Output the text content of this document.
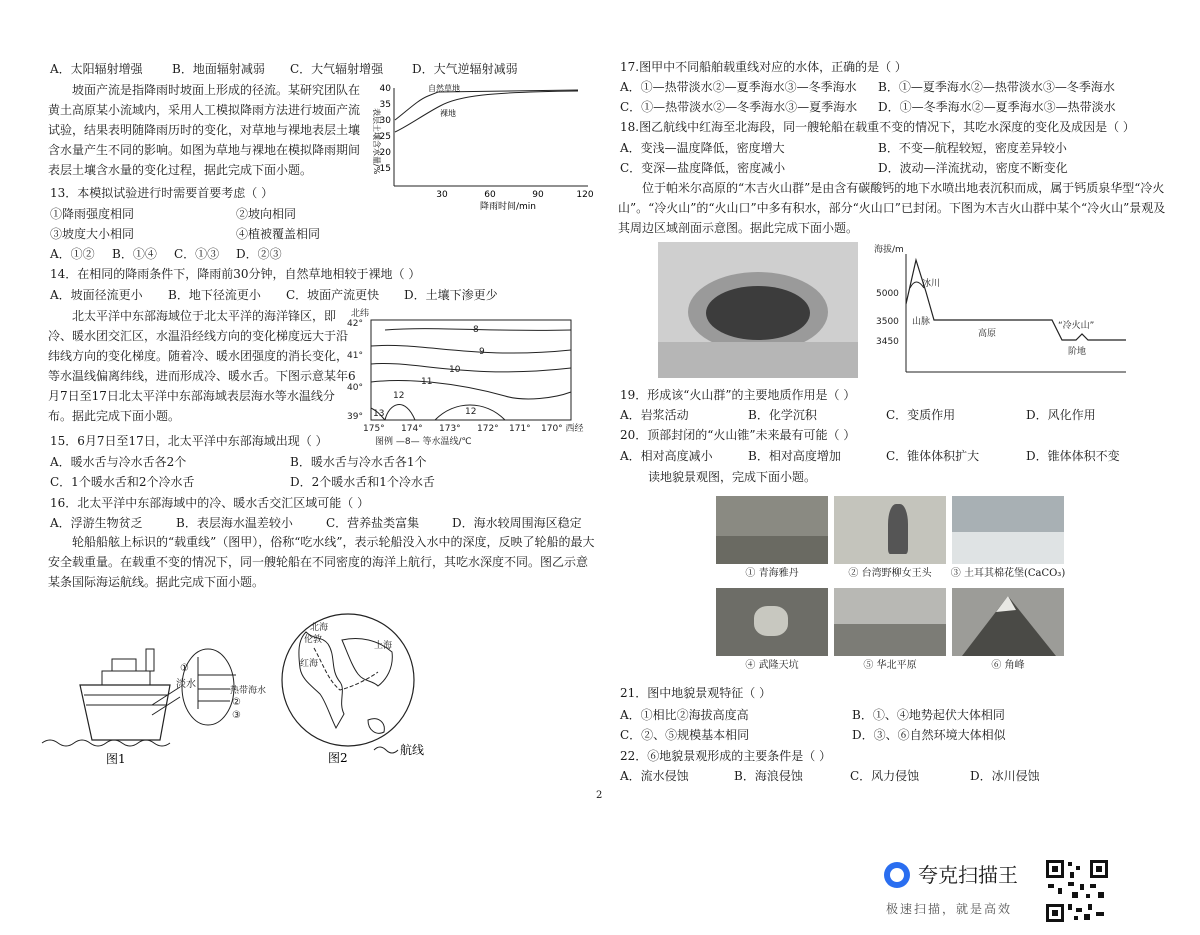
A．太阳辐射增强 B．地面辐射减弱 C．大气辐射增强 D．大气逆辐射减弱
坡面产流是指降雨时坡面上形成的径流。某研究团队在黄土高原某小流域内，采用人工模拟降雨方法进行坡面产流试验，结果表明随降雨历时的变化，对草地与裸地表层土壤含水量产生不同的影响。如图为草地与裸地在模拟降雨期间表层土壤含水量的变化过程，据此完成下面小题。	表层土壤含水量/%
40
35
30
25
20
15
30	60	90	120
降雨时间/min
自然草地
裸地
13．本模拟试验进行时需要首要考虑（ ）
①降雨强度相同	②坡向相同
③坡度大小相同	④植被覆盖相同
A．①② B．①④ C．①③ D．②③
14．在相同的降雨条件下，降雨前30分钟，自然草地相较于裸地（ ）
A．坡面径流更小 B．地下径流更小 C．坡面产流更快 D．土壤下渗更少
北太平洋中东部海域位于北太平洋的海洋锋区，即冷、暖水团交汇区，水温沿经线方向的变化梯度远大于沿纬线方向的变化梯度。随着冷、暖水团强度的消长变化，等水温线偏离纬线，进而形成冷、暖水舌。下图示意某年6月7日至17日北太平洋中东部海域表层海水等水温线分布。据此完成下面小题。
北纬
42°
41°
40°
39°
175° 174° 173° 172° 171° 170° 西经
图例 —8— 等水温线/℃
8
9
10
11
12
12
13
15．6月7日至17日，北太平洋中东部海域出现（ ）
A．暖水舌与冷水舌各2个	B．暖水舌与冷水舌各1个
C．1个暖水舌和2个冷水舌	D．2个暖水舌和1个冷水舌
16．北太平洋中东部海域中的冷、暖水舌交汇区域可能（ ）
A．浮游生物贫乏	B．表层海水温差较小	C．营养盐类富集	D．海水较周围海区稳定
轮船船舷上标识的“载重线”（图甲），俗称“吃水线”，表示轮船没入水中的深度，反映了轮船的最大安全载重量。在载重不变的情况下，同一艘轮船在不同密度的海洋上航行，其吃水深度不同。图乙示意某条国际海运航线。据此完成下面小题。
①
淡水
热带海水
②
③
图1
北海
伦敦
上海
红海
图2
航线
17.图甲中不同船舶载重线对应的水体，正确的是（ ）
A．①—热带淡水②—夏季海水③—冬季海水 B．①—夏季海水②—热带淡水③—冬季海水
C．①—热带淡水②—冬季海水③—夏季海水 D．①—冬季海水②—夏季海水③—热带淡水
18.图乙航线中红海至北海段，同一艘轮船在载重不变的情况下，其吃水深度的变化及成因是（ ）
A．变浅—温度降低，密度增大	B．不变—航程较短，密度差异较小
C．变深—盐度降低，密度减小	D．波动—洋流扰动，密度不断变化
位于帕米尔高原的“木吉火山群”是由含有碳酸钙的地下水喷出地表沉积而成，属于钙质泉华型“冷火山”。“冷火山”的“火山口”中多有积水，部分“火山口”已封闭。下图为木吉火山群中某个“冷火山”景观及其周边区域剖面示意图。据此完成下面小题。
海拔/m
5000
3500
3450
冰川
山脉
高原
“冷火山”
阶地
19．形成该“火山群”的主要地质作用是（ ）
A．岩浆活动	B．化学沉积	C．变质作用	D．风化作用
20．顶部封闭的“火山锥”未来最有可能（ ）
A．相对高度减小	B．相对高度增加	C．锥体体积扩大	D．锥体体积不变
读地貌景观图，完成下面小题。
① 青海雅丹	② 台湾野柳女王头	③ 土耳其棉花堡(CaCO₃)
④ 武隆天坑	⑤ 华北平原	⑥ 角峰
21．图中地貌景观特征（ ）
A．①相比②海拔高度高	B．①、④地势起伏大体相同
C．②、⑤规模基本相同	D．③、⑥自然环境大体相似
22．⑥地貌景观形成的主要条件是（ ）
A．流水侵蚀	B．海浪侵蚀	C．风力侵蚀	D．冰川侵蚀
2
夸克扫描王
极速扫描，就是高效
